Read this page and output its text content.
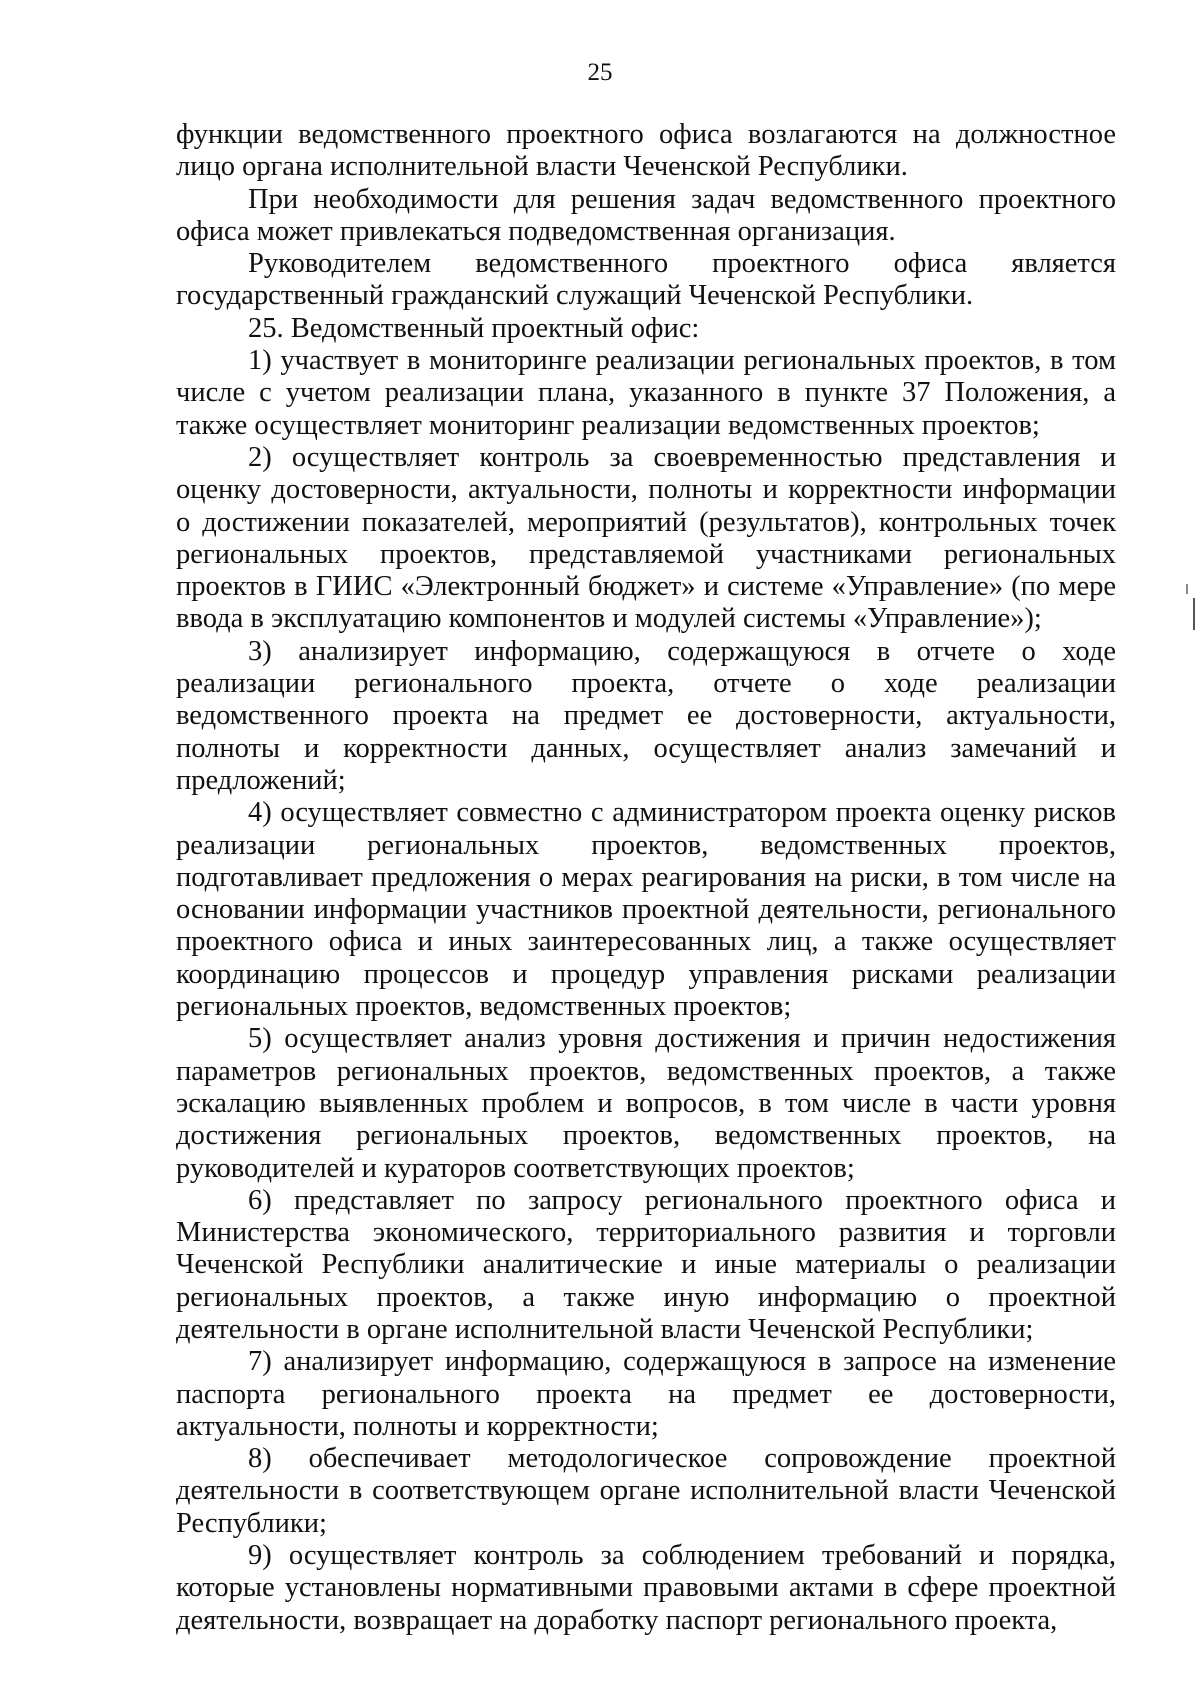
25

функции ведомственного проектного офиса возлагаются на должностное лицо органа исполнительной власти Чеченской Республики.

При необходимости для решения задач ведомственного проектного офиса может привлекаться подведомственная организация.

Руководителем ведомственного проектного офиса является государственный гражданский служащий Чеченской Республики.

25. Ведомственный проектный офис:

1) участвует в мониторинге реализации региональных проектов, в том числе с учетом реализации плана, указанного в пункте 37 Положения, а также осуществляет мониторинг реализации ведомственных проектов;

2) осуществляет контроль за своевременностью представления и оценку достоверности, актуальности, полноты и корректности информации о достижении показателей, мероприятий (результатов), контрольных точек региональных проектов, представляемой участниками региональных проектов в ГИИС «Электронный бюджет» и системе «Управление» (по мере ввода в эксплуатацию компонентов и модулей системы «Управление»);

3) анализирует информацию, содержащуюся в отчете о ходе реализации регионального проекта, отчете о ходе реализации ведомственного проекта на предмет ее достоверности, актуальности, полноты и корректности данных, осуществляет анализ замечаний и предложений;

4) осуществляет совместно с администратором проекта оценку рисков реализации региональных проектов, ведомственных проектов, подготавливает предложения о мерах реагирования на риски, в том числе на основании информации участников проектной деятельности, регионального проектного офиса и иных заинтересованных лиц, а также осуществляет координацию процессов и процедур управления рисками реализации региональных проектов, ведомственных проектов;

5) осуществляет анализ уровня достижения и причин недостижения параметров региональных проектов, ведомственных проектов, а также эскалацию выявленных проблем и вопросов, в том числе в части уровня достижения региональных проектов, ведомственных проектов, на руководителей и кураторов соответствующих проектов;

6) представляет по запросу регионального проектного офиса и Министерства экономического, территориального развития и торговли Чеченской Республики аналитические и иные материалы о реализации региональных проектов, а также иную информацию о проектной деятельности в органе исполнительной власти Чеченской Республики;

7) анализирует информацию, содержащуюся в запросе на изменение паспорта регионального проекта на предмет ее достоверности, актуальности, полноты и корректности;

8) обеспечивает методологическое сопровождение проектной деятельности в соответствующем органе исполнительной власти Чеченской Республики;

9) осуществляет контроль за соблюдением требований и порядка, которые установлены нормативными правовыми актами в сфере проектной деятельности, возвращает на доработку паспорт регионального проекта,
